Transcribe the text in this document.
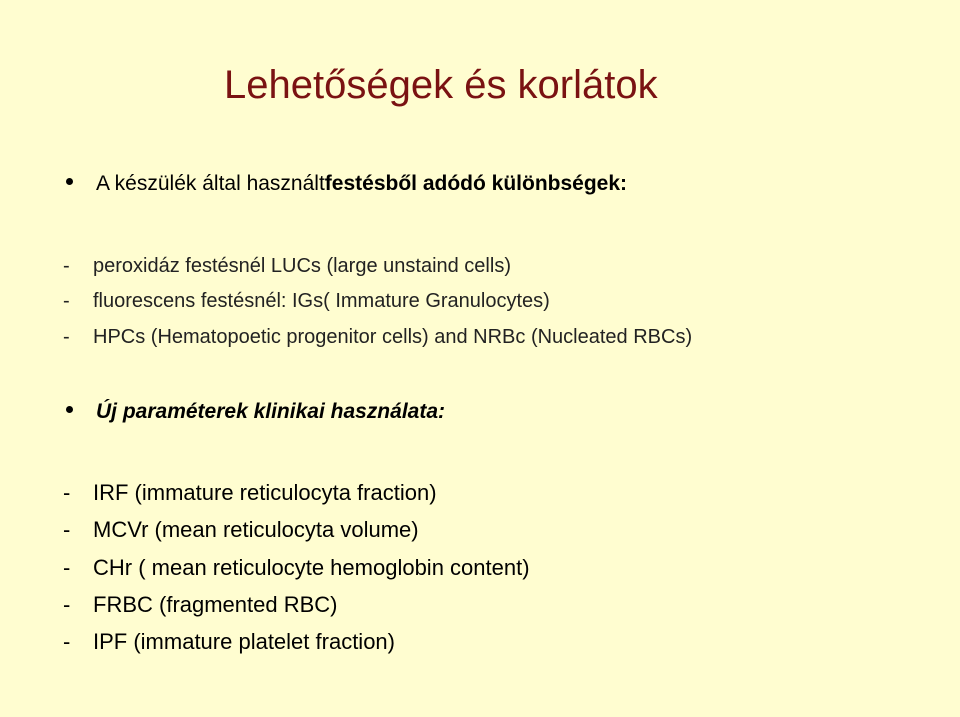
Lehetőségek és korlátok
A készülék által használt festésből adódó különbségek:
-	peroxidáz festésnél LUCs (large unstaind cells)
-	fluorescens festésnél: IGs( Immature Granulocytes)
-	HPCs (Hematopoetic progenitor cells) and NRBc (Nucleated RBCs)
Új paraméterek klinikai használata:
-	IRF (immature reticulocyta fraction)
-	MCVr (mean reticulocyta volume)
-	CHr ( mean reticulocyte hemoglobin content)
-	FRBC (fragmented RBC)
-	IPF (immature platelet fraction)
